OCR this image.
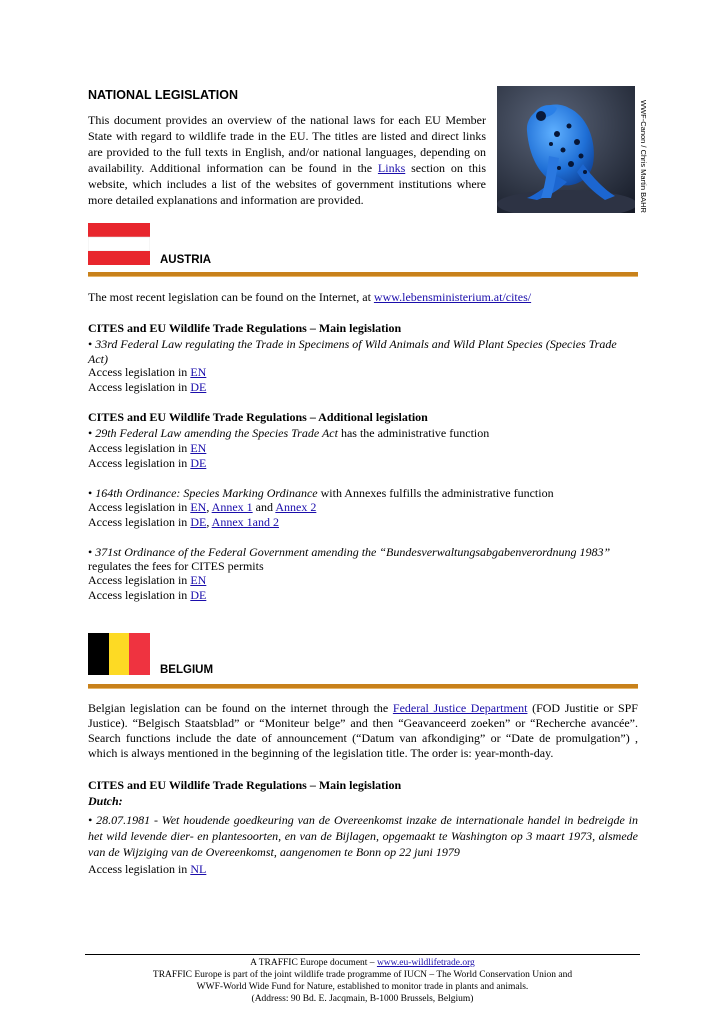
NATIONAL LEGISLATION
This document provides an overview of the national laws for each EU Member State with regard to wildlife trade in the EU. The titles are listed and direct links are provided to the full texts in English, and/or national languages, depending on availability. Additional information can be found in the Links section on this website, which includes a list of the websites of government institutions where more detailed explanations and information are provided.	WWF-Canon / Chris Martin BAHR
AUSTRIA
The most recent legislation can be found on the Internet, at www.lebensministerium.at/cites/
CITES and EU Wildlife Trade Regulations – Main legislation
• 33rd Federal Law regulating the Trade in Specimens of Wild Animals and Wild Plant Species (Species Trade Act)
Access legislation in EN
Access legislation in DE
CITES and EU Wildlife Trade Regulations – Additional legislation
• 29th Federal Law amending the Species Trade Act has the administrative function
Access legislation in EN
Access legislation in DE
• 164th Ordinance: Species Marking Ordinance with Annexes fulfills the administrative function
Access legislation in EN, Annex 1 and Annex 2
Access legislation in DE, Annex 1and 2
• 371st Ordinance of the Federal Government amending the “Bundesverwaltungsabgabenverordnung 1983”
regulates the fees for CITES permits
Access legislation in EN
Access legislation in DE
BELGIUM
Belgian legislation can be found on the internet through the Federal Justice Department (FOD Justitie or SPF Justice). “Belgisch Staatsblad” or “Moniteur belge” and then “Geavanceerd zoeken” or “Recherche avancée”. Search functions include the date of announcement (“Datum van afkondiging” or “Date de promulgation”) , which is always mentioned in the beginning of the legislation title. The order is: year-month-day.
CITES and EU Wildlife Trade Regulations – Main legislation
Dutch:
• 28.07.1981 - Wet houdende goedkeuring van de Overeenkomst inzake de internationale handel in bedreigde in het wild levende dier- en plantesoorten, en van de Bijlagen, opgemaakt te Washington op 3 maart 1973, alsmede van de Wijziging van de Overeenkomst, aangenomen te Bonn op 22 juni 1979
Access legislation in NL
A TRAFFIC Europe document – www.eu-wildlifetrade.org
TRAFFIC Europe is part of the joint wildlife trade programme of IUCN – The World Conservation Union and
WWF-World Wide Fund for Nature, established to monitor trade in plants and animals.
(Address: 90 Bd. E. Jacqmain, B-1000 Brussels, Belgium)
